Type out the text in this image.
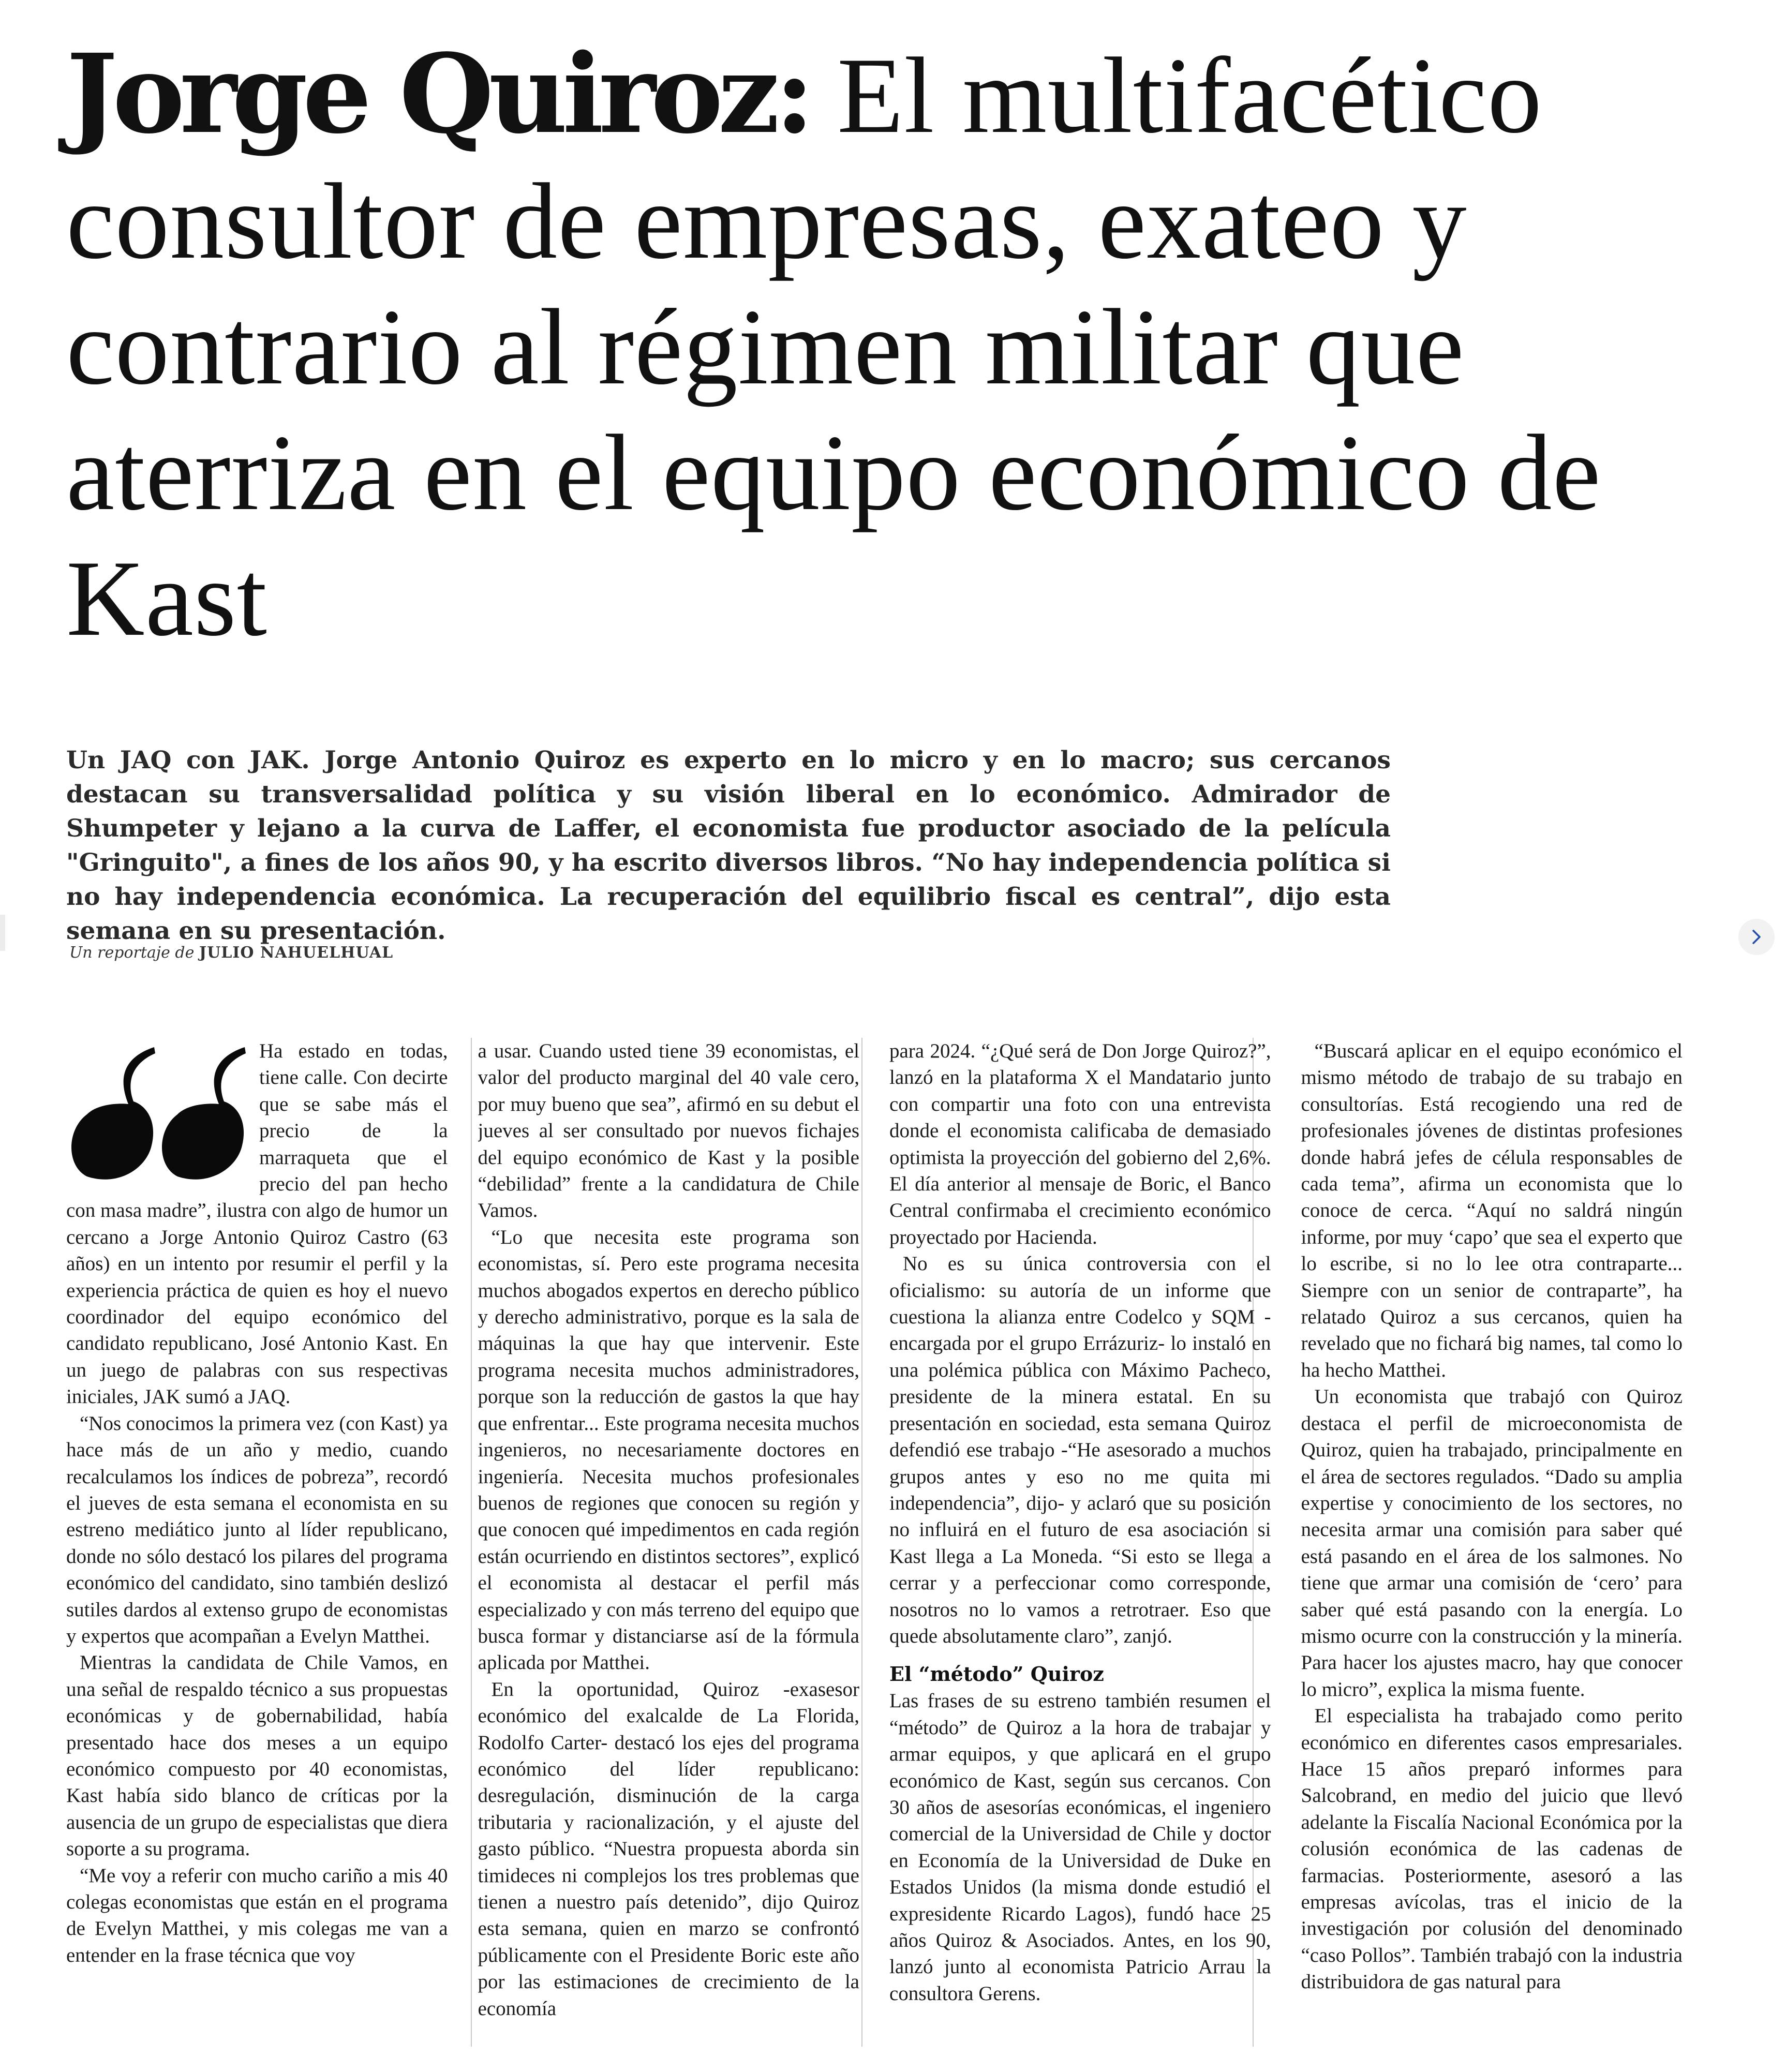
Jorge Quiroz: El multifacético consultor de empresas, exateo y contrario al régimen militar que aterriza en el equipo económico de Kast

Un JAQ con JAK. Jorge Antonio Quiroz es experto en lo micro y en lo macro; sus cercanos destacan su transversalidad política y su visión liberal en lo económico. Admirador de Shumpeter y lejano a la curva de Laffer, el economista fue productor asociado de la película "Gringuito", a fines de los años 90, y ha escrito diversos libros. “No hay independencia política si no hay independencia económica. La recuperación del equilibrio fiscal es central”, dijo esta semana en su presentación.

Un reportaje de JULIO NAHUELHUAL

Ha estado en todas, tiene calle. Con decirte que se sabe más el precio de la marraqueta que el precio del pan hecho con masa madre”, ilustra con algo de humor un cercano a Jorge Antonio Quiroz Castro (63 años) en un intento por resumir el perfil y la experiencia práctica de quien es hoy el nuevo coordinador del equipo económico del candidato republicano, José Antonio Kast. En un juego de palabras con sus respectivas iniciales, JAK sumó a JAQ.

“Nos conocimos la primera vez (con Kast) ya hace más de un año y medio, cuando recalculamos los índices de pobreza”, recordó el jueves de esta semana el economista en su estreno mediático junto al líder republicano, donde no sólo destacó los pilares del programa económico del candidato, sino también deslizó sutiles dardos al extenso grupo de economistas y expertos que acompañan a Evelyn Matthei.

Mientras la candidata de Chile Vamos, en una señal de respaldo técnico a sus propuestas económicas y de gobernabilidad, había presentado hace dos meses a un equipo económico compuesto por 40 economistas, Kast había sido blanco de críticas por la ausencia de un grupo de especialistas que diera soporte a su programa.

“Me voy a referir con mucho cariño a mis 40 colegas economistas que están en el programa de Evelyn Matthei, y mis colegas me van a entender en la frase técnica que voy

a usar. Cuando usted tiene 39 economistas, el valor del producto marginal del 40 vale cero, por muy bueno que sea”, afirmó en su debut el jueves al ser consultado por nuevos fichajes del equipo económico de Kast y la posible “debilidad” frente a la candidatura de Chile Vamos.

“Lo que necesita este programa son economistas, sí. Pero este programa necesita muchos abogados expertos en derecho público y derecho administrativo, porque es la sala de máquinas la que hay que intervenir. Este programa necesita muchos administradores, porque son la reducción de gastos la que hay que enfrentar... Este programa necesita muchos ingenieros, no necesariamente doctores en ingeniería. Necesita muchos profesionales buenos de regiones que conocen su región y que conocen qué impedimentos en cada región están ocurriendo en distintos sectores”, explicó el economista al destacar el perfil más especializado y con más terreno del equipo que busca formar y distanciarse así de la fórmula aplicada por Matthei.

En la oportunidad, Quiroz -exasesor económico del exalcalde de La Florida, Rodolfo Carter- destacó los ejes del programa económico del líder republicano: desregulación, disminución de la carga tributaria y racionalización, y el ajuste del gasto público. “Nuestra propuesta aborda sin timideces ni complejos los tres problemas que tienen a nuestro país detenido”, dijo Quiroz esta semana, quien en marzo se confrontó públicamente con el Presidente Boric este año por las estimaciones de crecimiento de la economía

para 2024. “¿Qué será de Don Jorge Quiroz?”, lanzó en la plataforma X el Mandatario junto con compartir una foto con una entrevista donde el economista calificaba de demasiado optimista la proyección del gobierno del 2,6%. El día anterior al mensaje de Boric, el Banco Central confirmaba el crecimiento económico proyectado por Hacienda.

No es su única controversia con el oficialismo: su autoría de un informe que cuestiona la alianza entre Codelco y SQM -encargada por el grupo Errázuriz- lo instaló en una polémica pública con Máximo Pacheco, presidente de la minera estatal. En su presentación en sociedad, esta semana Quiroz defendió ese trabajo -“He asesorado a muchos grupos antes y eso no me quita mi independencia”, dijo- y aclaró que su posición no influirá en el futuro de esa asociación si Kast llega a La Moneda. “Si esto se llega a cerrar y a perfeccionar como corresponde, nosotros no lo vamos a retrotraer. Eso que quede absolutamente claro”, zanjó.

El “método” Quiroz

Las frases de su estreno también resumen el “método” de Quiroz a la hora de trabajar y armar equipos, y que aplicará en el grupo económico de Kast, según sus cercanos. Con 30 años de asesorías económicas, el ingeniero comercial de la Universidad de Chile y doctor en Economía de la Universidad de Duke en Estados Unidos (la misma donde estudió el expresidente Ricardo Lagos), fundó hace 25 años Quiroz & Asociados. Antes, en los 90, lanzó junto al economista Patricio Arrau la consultora Gerens.

“Buscará aplicar en el equipo económico el mismo método de trabajo de su trabajo en consultorías. Está recogiendo una red de profesionales jóvenes de distintas profesiones donde habrá jefes de célula responsables de cada tema”, afirma un economista que lo conoce de cerca. “Aquí no saldrá ningún informe, por muy ‘capo’ que sea el experto que lo escribe, si no lo lee otra contraparte... Siempre con un senior de contraparte”, ha relatado Quiroz a sus cercanos, quien ha revelado que no fichará big names, tal como lo ha hecho Matthei.

Un economista que trabajó con Quiroz destaca el perfil de microeconomista de Quiroz, quien ha trabajado, principalmente en el área de sectores regulados. “Dado su amplia expertise y conocimiento de los sectores, no necesita armar una comisión para saber qué está pasando en el área de los salmones. No tiene que armar una comisión de ‘cero’ para saber qué está pasando con la energía. Lo mismo ocurre con la construcción y la minería. Para hacer los ajustes macro, hay que conocer lo micro”, explica la misma fuente.

El especialista ha trabajado como perito económico en diferentes casos empresariales. Hace 15 años preparó informes para Salcobrand, en medio del juicio que llevó adelante la Fiscalía Nacional Económica por la colusión económica de las cadenas de farmacias. Posteriormente, asesoró a las empresas avícolas, tras el inicio de la investigación por colusión del denominado “caso Pollos”. También trabajó con la industria distribuidora de gas natural para
